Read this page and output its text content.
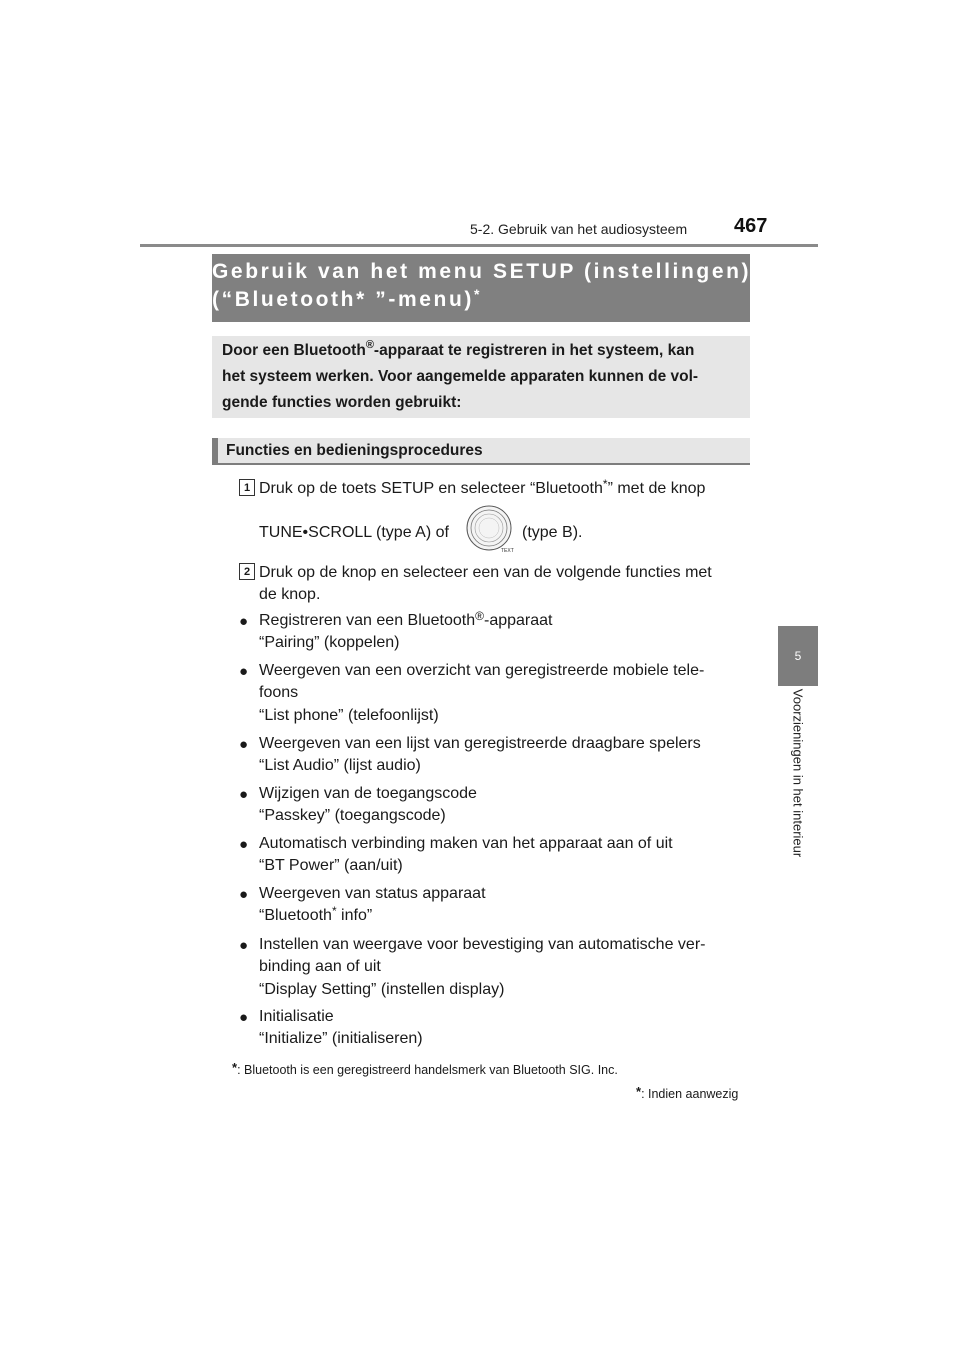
5-2. Gebruik van het audiosysteem 467
5
Voorzieningen in het interieur
Gebruik van het menu SETUP (instellingen)
(“Bluetooth* ”-menu)*
Door een Bluetooth®-apparaat te registreren in het systeem, kan
het systeem werken. Voor aangemelde apparaten kunnen de vol-
gende functies worden gebruikt:
Functies en bedieningsprocedures
1 Druk op de toets SETUP en selecteer “Bluetooth*” met de knop
TUNE•SCROLL (type A) of
TEXT
(type B).
2 Druk op de knop en selecteer een van de volgende functies met
de knop.
● Registreren van een Bluetooth®-apparaat
“Pairing” (koppelen)
● Weergeven van een overzicht van geregistreerde mobiele tele-
foons
“List phone” (telefoonlijst)
● Weergeven van een lijst van geregistreerde draagbare spelers
“List Audio” (lijst audio)
● Wijzigen van de toegangscode
“Passkey” (toegangscode)
● Automatisch verbinding maken van het apparaat aan of uit
“BT Power” (aan/uit)
● Weergeven van status apparaat
“Bluetooth* info”
● Instellen van weergave voor bevestiging van automatische ver-
binding aan of uit
“Display Setting” (instellen display)
● Initialisatie
“Initialize” (initialiseren)
*: Bluetooth is een geregistreerd handelsmerk van Bluetooth SIG. Inc.
*: Indien aanwezig
